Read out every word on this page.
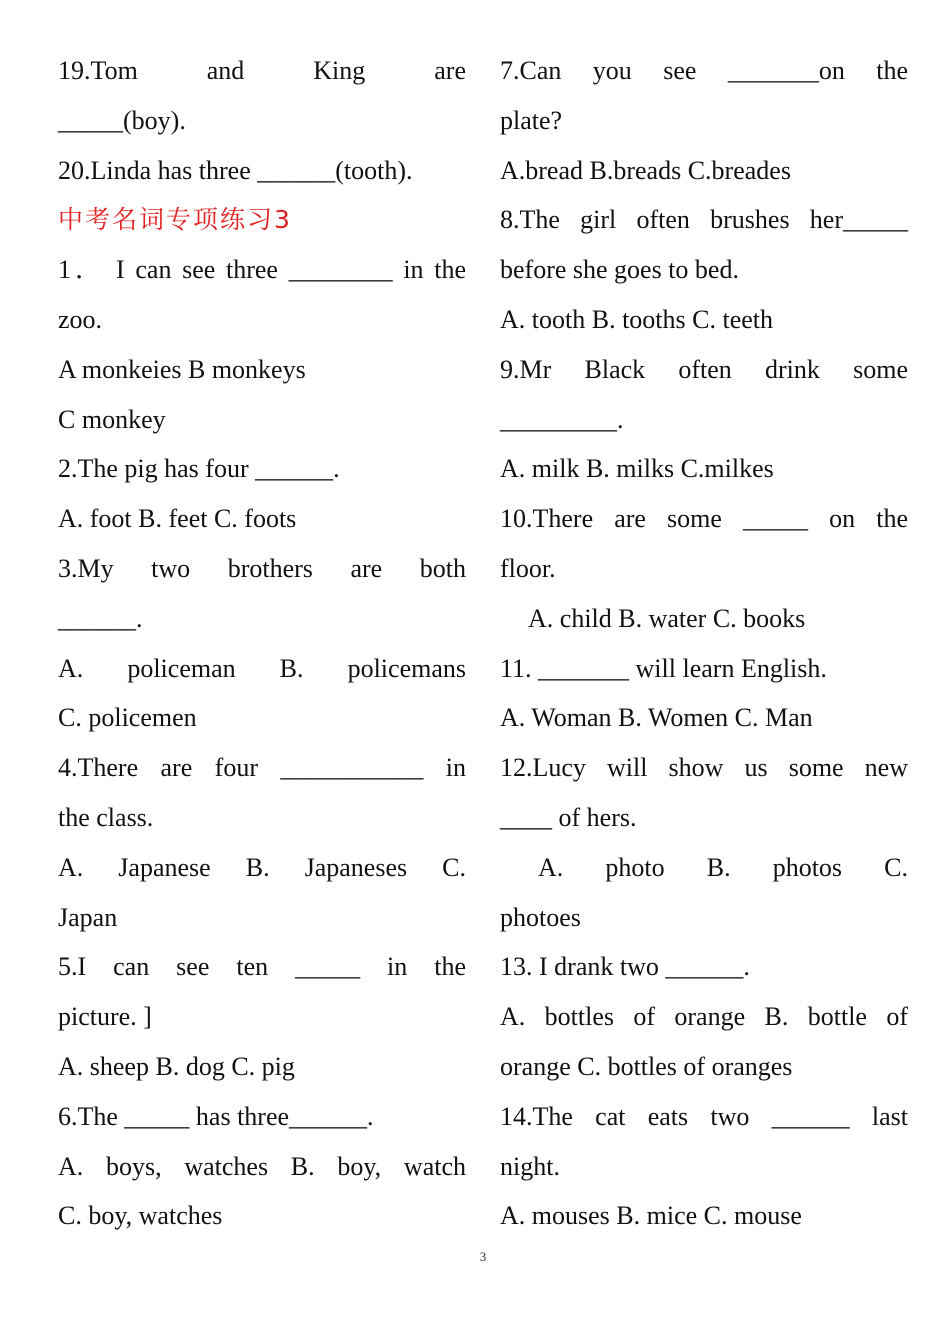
19.Tom and King are
_____(boy).
20.Linda has three ______(tooth).
中考名词专项练习3
1． I can see three ________ in the
zoo.
A monkeies B monkeys
C monkey
2.The pig has four ______.
A. foot B. feet C. foots
3.My two brothers are both
______.
A. policeman B. policemans
C. policemen
4.There are four ___________ in
the class.
A. Japanese B. Japaneses C.
Japan
5.I can see ten _____ in the
picture. ]
A. sheep B. dog C. pig
6.The _____ has three______.
A. boys, watches B. boy, watch
C. boy, watches
7.Can you see _______on the
plate?
A.bread B.breads C.breades
8.The girl often brushes her_____
before she goes to bed.
A. tooth B. tooths C. teeth
9.Mr Black often drink some
_________.
A. milk B. milks C.milkes
10.There are some _____ on the
floor.
A. child B. water C. books
11. _______ will learn English.
A. Woman B. Women C. Man
12.Lucy will show us some new
____ of hers.
A. photo B. photos C.
photoes
13. I drank two ______.
A. bottles of orange B. bottle of
orange C. bottles of oranges
14.The cat eats two ______ last
night.
A. mouses B. mice C. mouse
3
